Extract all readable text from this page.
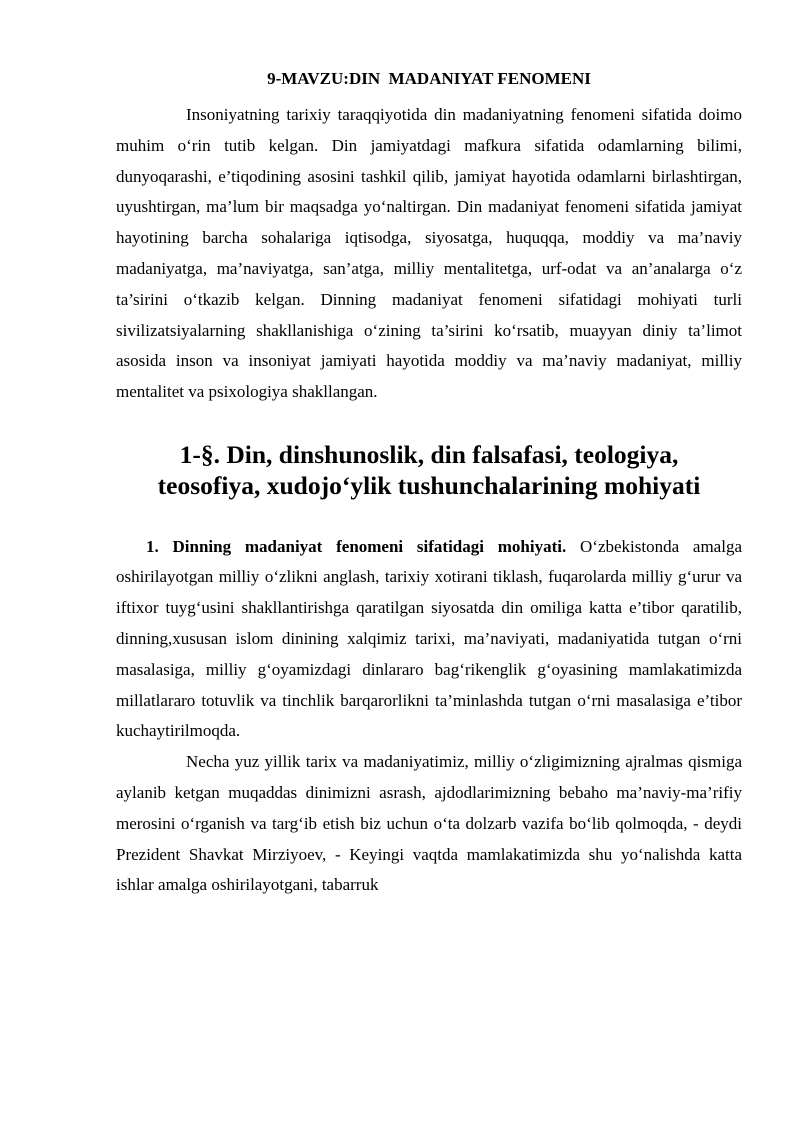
9-MAVZU:DIN  MADANIYAT FENOMENI

Insoniyatning tarixiy taraqqiyotida din madaniyatning fenomeni sifatida doimo muhim o‘rin tutib kelgan. Din jamiyatdagi mafkura sifatida odamlarning bilimi, dunyoqarashi, e’tiqodining asosini tashkil qilib, jamiyat hayotida odamlarni birlashtirgan, uyushtirgan, ma’lum bir maqsadga yo‘naltirgan. Din madaniyat fenomeni sifatida jamiyat hayotining barcha sohalariga iqtisodga, siyosatga, huquqqa, moddiy va ma’naviy madaniyatga, ma’naviyatga, san’atga, milliy mentalitetga, urf-odat va an’analarga o‘z ta’sirini o‘tkazib kelgan. Dinning madaniyat fenomeni sifatidagi mohiyati turli sivilizatsiyalarning shakllanishiga o‘zining ta’sirini ko‘rsatib, muayyan diniy ta’limot asosida inson va insoniyat jamiyati hayotida moddiy va ma’naviy madaniyat, milliy mentalitet va psixologiya shakllangan.

1-§. Din, dinshunoslik, din falsafasi, teologiya, teosofiya, xudojo‘ylik tushunchalarining mohiyati

1. Dinning madaniyat fenomeni sifatidagi mohiyati. O‘zbekistonda amalga oshirilayotgan milliy o‘zlikni anglash, tarixiy xotirani tiklash, fuqarolarda milliy g‘urur va iftixor tuyg‘usini shakllantirishga qaratilgan siyosatda din omiliga katta e’tibor qaratilib, dinning,xususan islom dinining xalqimiz tarixi, ma’naviyati, madaniyatida tutgan o‘rni masalasiga, milliy g‘oyamizdagi dinlararo bag‘rikenglik g‘oyasining mamlakatimizda millatlararo totuvlik va tinchlik barqarorlikni ta’minlashda tutgan o‘rni masalasiga e’tibor kuchaytirilmoqda.

Necha yuz yillik tarix va madaniyatimiz, milliy o‘zligimizning ajralmas qismiga aylanib ketgan muqaddas dinimizni asrash, ajdodlarimizning bebaho ma’naviy-ma’rifiy merosini o‘rganish va targ‘ib etish biz uchun o‘ta dolzarb vazifa bo‘lib qolmoqda, - deydi Prezident Shavkat Mirziyoev, - Keyingi vaqtda mamlakatimizda shu yo‘nalishda katta ishlar amalga oshirilayotgani, tabarruk
